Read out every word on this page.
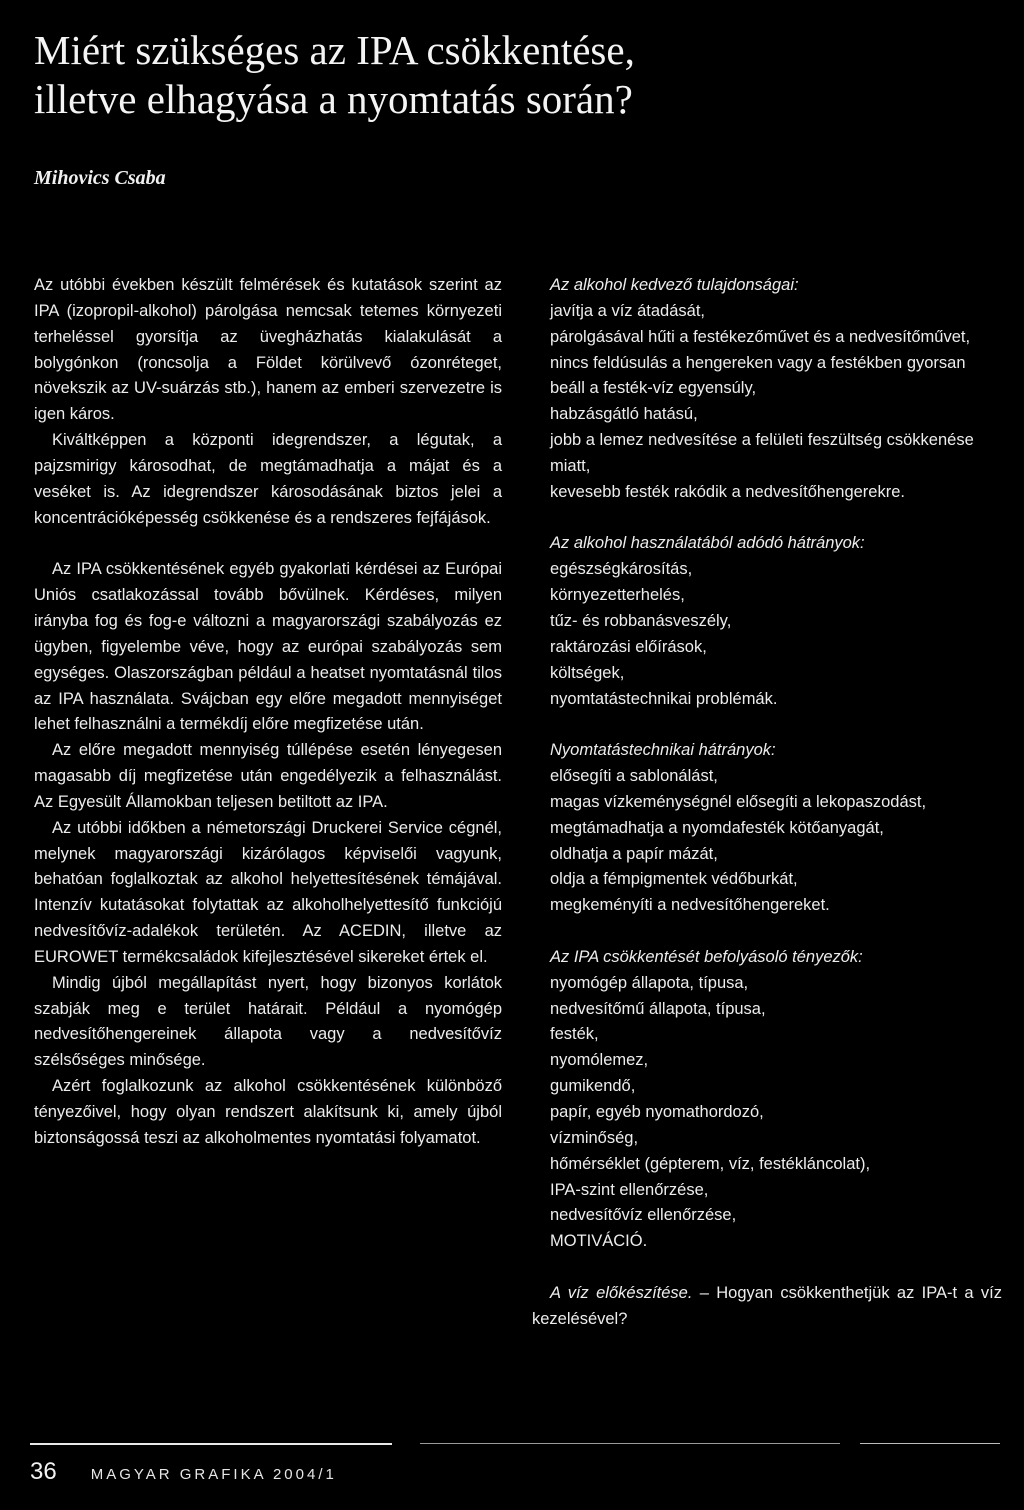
Miért szükséges az IPA csökkentése,
illetve elhagyása a nyomtatás során?

Mihovics Csaba

Az utóbbi években készült felmérések és kutatások szerint az IPA (izopropil-alkohol) párolgása nemcsak tetemes környezeti terheléssel gyorsítja az üvegházhatás kialakulását a bolygónkon (roncsolja a Földet körülvevő ózonréteget, növekszik az UV-suárzás stb.), hanem az emberi szervezetre is igen káros.

Kiváltképpen a központi idegrendszer, a légutak, a pajzsmirigy károsodhat, de megtámadhatja a májat és a veséket is. Az idegrendszer károsodásának biztos jelei a koncentrációképesség csökkenése és a rendszeres fejfájások.

Az IPA csökkentésének egyéb gyakorlati kérdései az Európai Uniós csatlakozással tovább bővülnek. Kérdéses, milyen irányba fog és fog-e változni a magyarországi szabályozás ez ügyben, figyelembe véve, hogy az európai szabályozás sem egységes. Olaszországban például a heatset nyomtatásnál tilos az IPA használata. Svájcban egy előre megadott mennyiséget lehet felhasználni a termékdíj előre megfizetése után.

Az előre megadott mennyiség túllépése esetén lényegesen magasabb díj megfizetése után engedélyezik a felhasználást. Az Egyesült Államokban teljesen betiltott az IPA.

Az utóbbi időkben a németországi Druckerei Service cégnél, melynek magyarországi kizárólagos képviselői vagyunk, behatóan foglalkoztak az alkohol helyettesítésének témájával. Intenzív kutatásokat folytattak az alkoholhelyettesítő funkciójú nedvesítővíz-adalékok területén. Az ACEDIN, illetve az EUROWET termékcsaládok kifejlesztésével sikereket értek el.

Mindig újból megállapítást nyert, hogy bizonyos korlátok szabják meg e terület határait. Például a nyomógép nedvesítőhengereinek állapota vagy a nedvesítővíz szélsőséges minősége.

Azért foglalkozunk az alkohol csökkentésének különböző tényezőivel, hogy olyan rendszert alakítsunk ki, amely újból biztonságossá teszi az alkoholmentes nyomtatási folyamatot.

Az alkohol kedvező tulajdonságai:

javítja a víz átadását,
párolgásával hűti a festékezőművet és a nedvesítőművet,
nincs feldúsulás a hengereken vagy a festékben gyorsan beáll a festék-víz egyensúly,
habzásgátló hatású,
jobb a lemez nedvesítése a felületi feszültség csökkenése miatt,
kevesebb festék rakódik a nedvesítőhengerekre.

Az alkohol használatából adódó hátrányok:

egészségkárosítás,
környezetterhelés,
tűz- és robbanásveszély,
raktározási előírások,
költségek,
nyomtatástechnikai problémák.

Nyomtatástechnikai hátrányok:

elősegíti a sablonálást,
magas vízkeménységnél elősegíti a lekopaszodást,
megtámadhatja a nyomdafesték kötőanyagát,
oldhatja a papír mázát,
oldja a fémpigmentek védőburkát,
megkeményíti a nedvesítőhengereket.

Az IPA csökkentését befolyásoló tényezők:

nyomógép állapota, típusa,
nedvesítőmű állapota, típusa,
festék,
nyomólemez,
gumikendő,
papír, egyéb nyomathordozó,
vízminőség,
hőmérséklet (gépterem, víz, festékláncolat),
IPA-szint ellenőrzése,
nedvesítővíz ellenőrzése,
MOTIVÁCIÓ.

A víz előkészítése. – Hogyan csökkenthetjük az IPA-t a víz kezelésével?

36 MAGYAR GRAFIKA 2004/1
